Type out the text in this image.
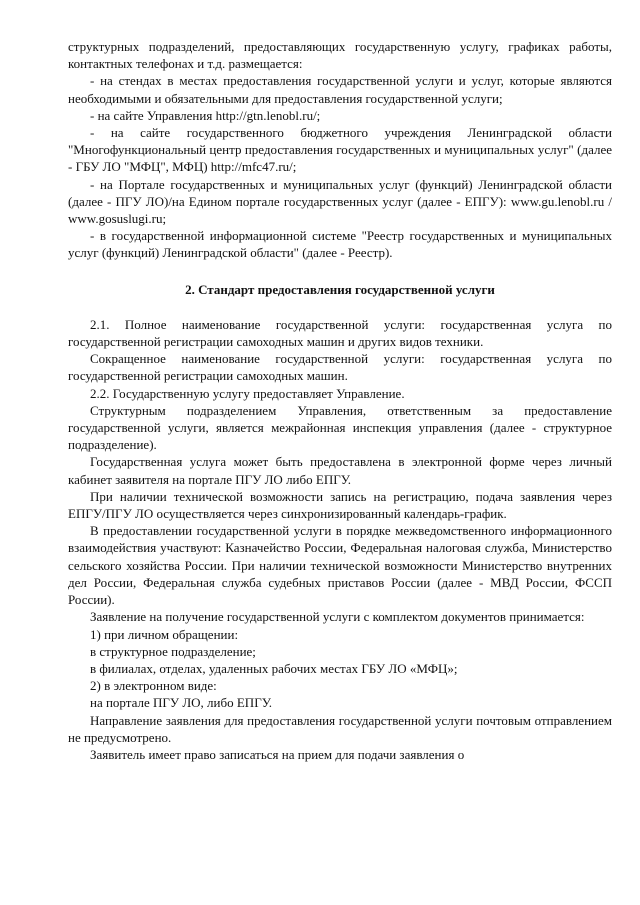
структурных подразделений, предоставляющих государственную услугу, графиках работы, контактных телефонах и т.д. размещается:

- на стендах в местах предоставления государственной услуги и услуг, которые являются необходимыми и обязательными для предоставления государственной услуги;

- на сайте Управления http://gtn.lenobl.ru/;

- на сайте государственного бюджетного учреждения Ленинградской области "Многофункциональный центр предоставления государственных и муниципальных услуг" (далее - ГБУ ЛО "МФЦ", МФЦ) http://mfc47.ru/;

- на Портале государственных и муниципальных услуг (функций) Ленинградской области (далее - ПГУ ЛО)/на Едином портале государственных услуг (далее - ЕПГУ): www.gu.lenobl.ru / www.gosuslugi.ru;

- в государственной информационной системе "Реестр государственных и муниципальных услуг (функций) Ленинградской области" (далее - Реестр).

2. Стандарт предоставления государственной услуги

2.1. Полное наименование государственной услуги: государственная услуга по государственной регистрации самоходных машин и других видов техники.

Сокращенное наименование государственной услуги: государственная услуга по государственной регистрации самоходных машин.

2.2. Государственную услугу предоставляет Управление.

Структурным подразделением Управления, ответственным за предоставление государственной услуги, является межрайонная инспекция управления (далее - структурное подразделение).

Государственная услуга может быть предоставлена в электронной форме через личный кабинет заявителя на портале ПГУ ЛО либо ЕПГУ.

При наличии технической возможности запись на регистрацию, подача заявления через ЕПГУ/ПГУ ЛО осуществляется через синхронизированный календарь-график.

В предоставлении государственной услуги в порядке межведомственного информационного взаимодействия участвуют: Казначейство России, Федеральная налоговая служба, Министерство сельского хозяйства России. При наличии технической возможности Министерство внутренних дел России, Федеральная служба судебных приставов России (далее - МВД России, ФССП России).

Заявление на получение государственной услуги с комплектом документов принимается:

1) при личном обращении:

в структурное подразделение;

в филиалах, отделах, удаленных рабочих местах ГБУ ЛО «МФЦ»;

2) в электронном виде:

на портале ПГУ ЛО, либо ЕПГУ.

Направление заявления для предоставления государственной услуги почтовым отправлением не предусмотрено.

Заявитель имеет право записаться на прием для подачи заявления о
